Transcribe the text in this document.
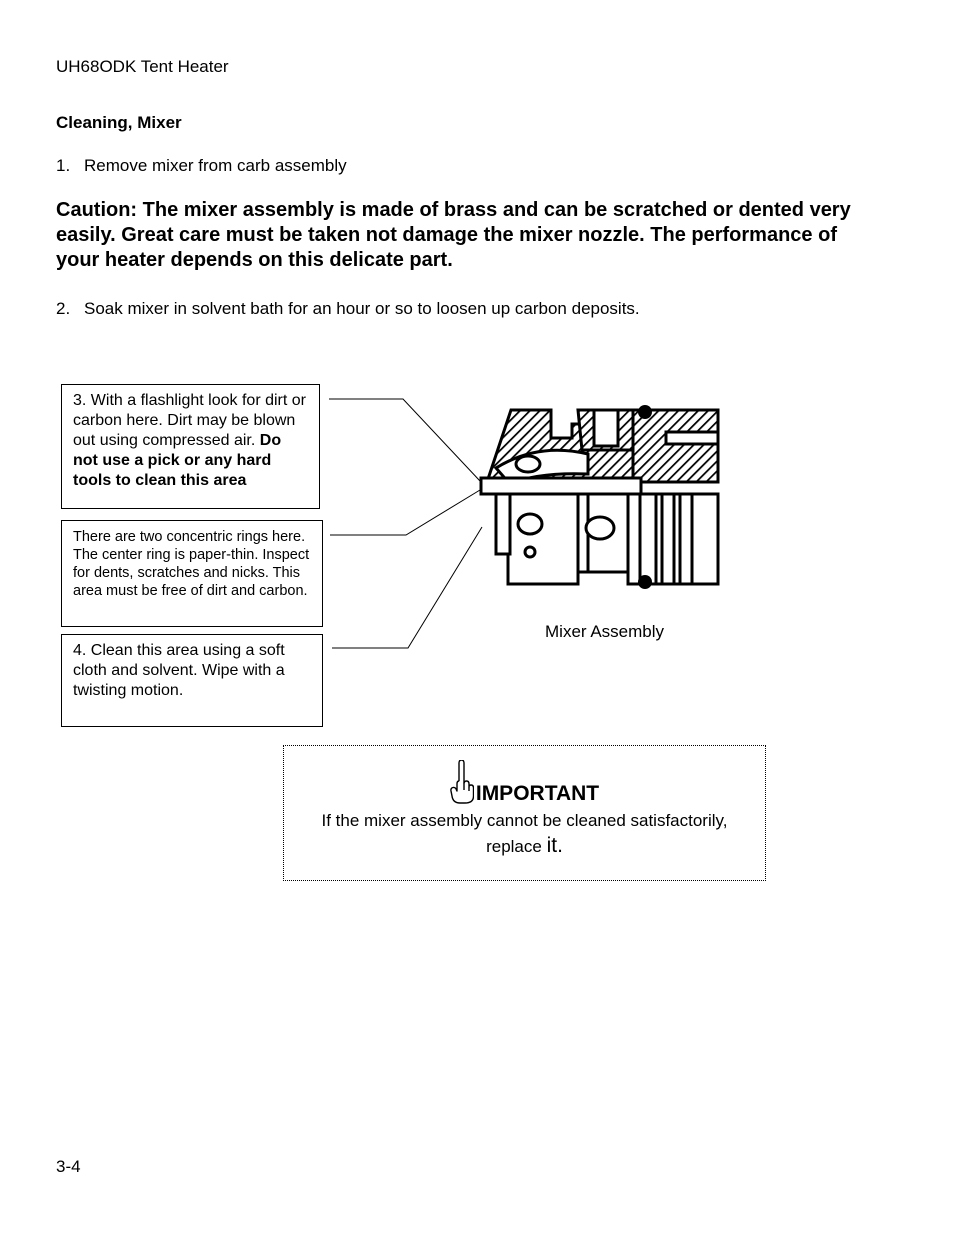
UH68ODK Tent Heater
Cleaning, Mixer
1. Remove mixer from carb assembly
Caution: The mixer assembly is made of brass and can be scratched or dented very easily. Great care must be taken not damage the mixer nozzle. The performance of your heater depends on this delicate part.
2. Soak mixer in solvent bath for an hour or so to loosen up carbon deposits.
3. With a flashlight look for dirt or carbon here. Dirt may be blown out using compressed air. Do not use a pick or any hard tools to clean this area
There are two concentric rings here. The center ring is paper-thin. Inspect for dents, scratches and nicks. This area must be free of dirt and carbon.
4. Clean this area using a soft cloth and solvent. Wipe with a twisting motion.
Mixer Assembly
IMPORTANT
If the mixer assembly cannot be cleaned satisfactorily, replace it.
3-4
